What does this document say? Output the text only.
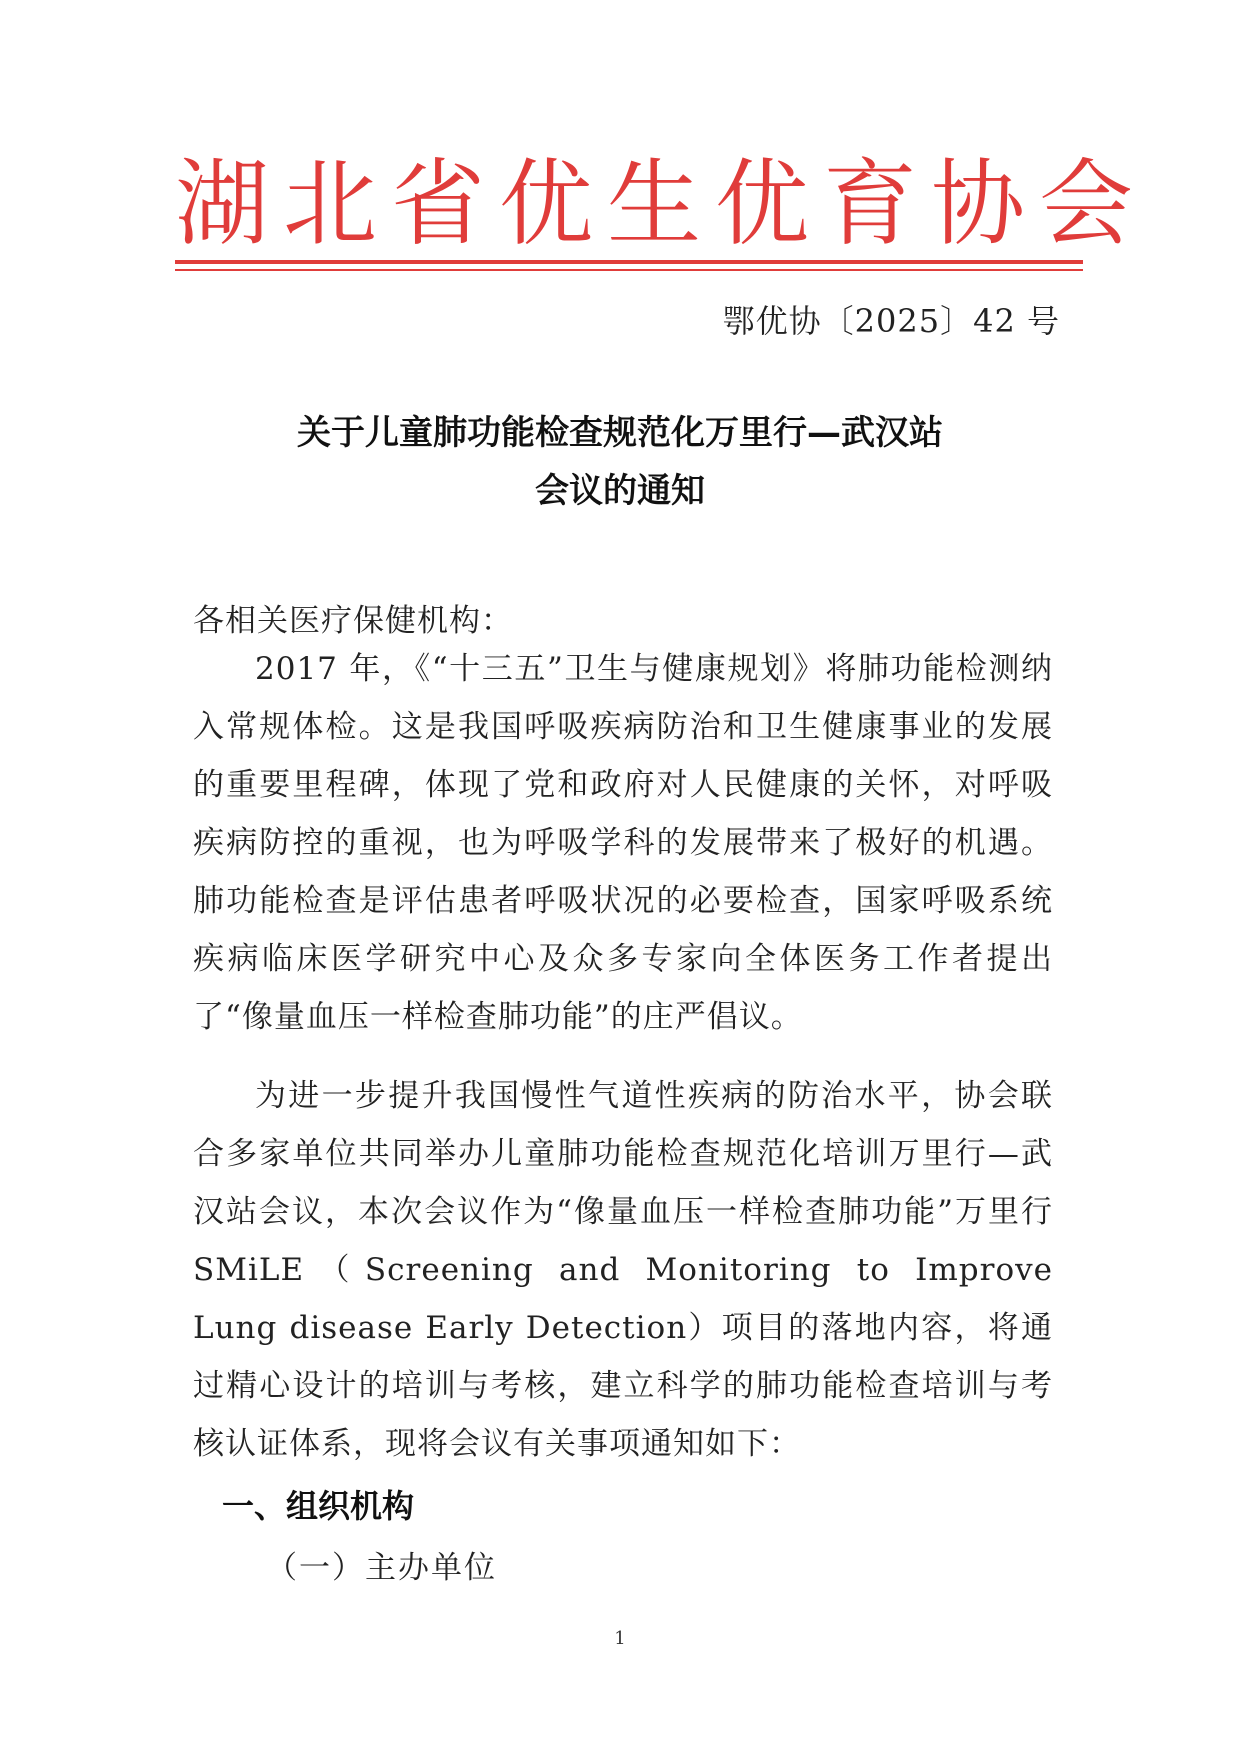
湖北省优生优育协会
鄂优协〔2025〕42 号
关于儿童肺功能检查规范化万里行—武汉站
会议的通知
各相关医疗保健机构：
2017 年，《“十三五”卫生与健康规划》将肺功能检测纳入常规体检。这是我国呼吸疾病防治和卫生健康事业的发展的重要里程碑，体现了党和政府对人民健康的关怀，对呼吸疾病防控的重视，也为呼吸学科的发展带来了极好的机遇。肺功能检查是评估患者呼吸状况的必要检查，国家呼吸系统疾病临床医学研究中心及众多专家向全体医务工作者提出了“像量血压一样检查肺功能”的庄严倡议。
为进一步提升我国慢性气道性疾病的防治水平，协会联合多家单位共同举办儿童肺功能检查规范化培训万里行—武汉站会议，本次会议作为“像量血压一样检查肺功能”万里行 SMiLE（Screening and Monitoring to Improve Lung disease Early Detection）项目的落地内容，将通过精心设计的培训与考核，建立科学的肺功能检查培训与考核认证体系，现将会议有关事项通知如下：
一、组织机构
（一）主办单位
1
